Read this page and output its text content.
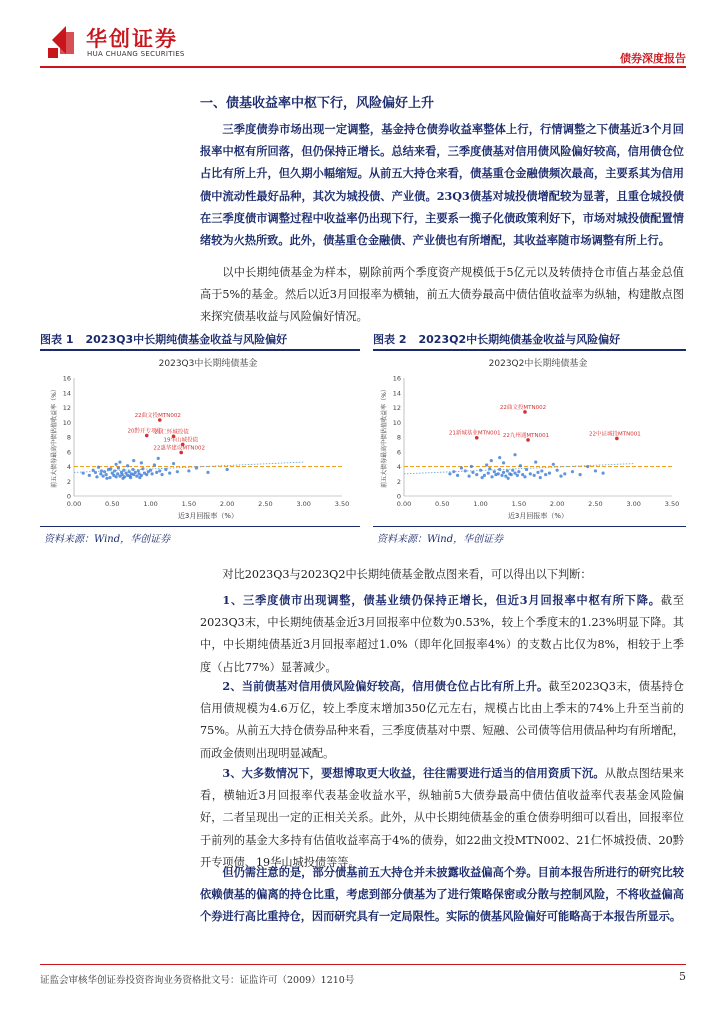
华创证券
HUA CHUANG SECURITIES	债券深度报告
一、债基收益率中枢下行，风险偏好上升

三季度债券市场出现一定调整，基金持仓债券收益率整体上行，行情调整之下债基近3个月回报率中枢有所回落，但仍保持正增长。总结来看，三季度债基对信用债风险偏好较高，信用债仓位占比有所上升，但久期小幅缩短。从前五大持仓来看，债基重仓金融债频次最高，主要系其为信用债中流动性最好品种，其次为城投债、产业债。23Q3债基对城投债增配较为显著，且重仓城投债在三季度债市调整过程中收益率仍出现下行，主要系一揽子化债政策利好下，市场对城投债配置情绪较为火热所致。此外，债基重仓金融债、产业债也有所增配，其收益率随市场调整有所上行。

以中长期纯债基金为样本，剔除前两个季度资产规模低于5亿元以及转债持仓市值占基金总值高于5%的基金。然后以近3月回报率为横轴，前五大债券最高中债估值收益率为纵轴，构建散点图来探究债基收益与风险偏好情况。

图表 1 2023Q3中长期纯债基金收益与风险偏好
2023Q3中长期纯债基金
0
2
4
6
8
10
12
14
16
0.00	0.50	1.00	1.50	2.00	2.50	3.00	3.50
近3月回报率（%）
前五大债券最高中债估值收益率（%）	22曲文投MTN002
20黔开专项债
21仁怀城投债
19华山城投债
22惠华建设MTN002
资料来源：Wind，华创证券
图表 2 2023Q2中长期纯债基金收益与风险偏好
2023Q2中长期纯债基金
0
2
4
6
8
10
12
14
16
0.00	0.50	1.00	1.50	2.00	2.50	3.00	3.50
近3月回报率（%）
前五大债券最高中债估值收益率（%）	22曲文投MTN002
21新城基业MTN001 22九州通MTN001	22中证城投MTN001
资料来源：Wind，华创证券

对比2023Q3与2023Q2中长期纯债基金散点图来看，可以得出以下判断：

1、三季度债市出现调整，债基业绩仍保持正增长，但近3月回报率中枢有所下降。截至2023Q3末，中长期纯债基金近3月回报率中位数为0.53%，较上个季度末的1.23%明显下降。其中，中长期纯债基近3月回报率超过1.0%（即年化回报率4%）的支数占比仅为8%，相较于上季度（占比77%）显著减少。

2、当前债基对信用债风险偏好较高，信用债仓位占比有所上升。截至2023Q3末，债基持仓信用债规模为4.6万亿，较上季度末增加350亿元左右，规模占比由上季末的74%上升至当前的75%。从前五大持仓债券品种来看，三季度债基对中票、短融、公司债等信用债品种均有所增配，而政金债则出现明显减配。

3、大多数情况下，要想博取更大收益，往往需要进行适当的信用资质下沉。从散点图结果来看，横轴近3月回报率代表基金收益水平，纵轴前5大债券最高中债估值收益率代表基金风险偏好，二者呈现出一定的正相关关系。此外，从中长期纯债基金的重仓债券明细可以看出，回报率位于前列的基金大多持有估值收益率高于4%的债券，如22曲文投MTN002、21仁怀城投债、20黔开专项债、19华山城投债等等。

但仍需注意的是，部分债基前五大持仓并未披露收益偏高个券。目前本报告所进行的研究比较依赖债基的偏离的持仓比重，考虑到部分债基为了进行策略保密或分散与控制风险，不将收益偏高个券进行高比重持仓，因而研究具有一定局限性。实际的债基风险偏好可能略高于本报告所显示。

证监会审核华创证券投资咨询业务资格批文号：证监许可（2009）1210号	5
